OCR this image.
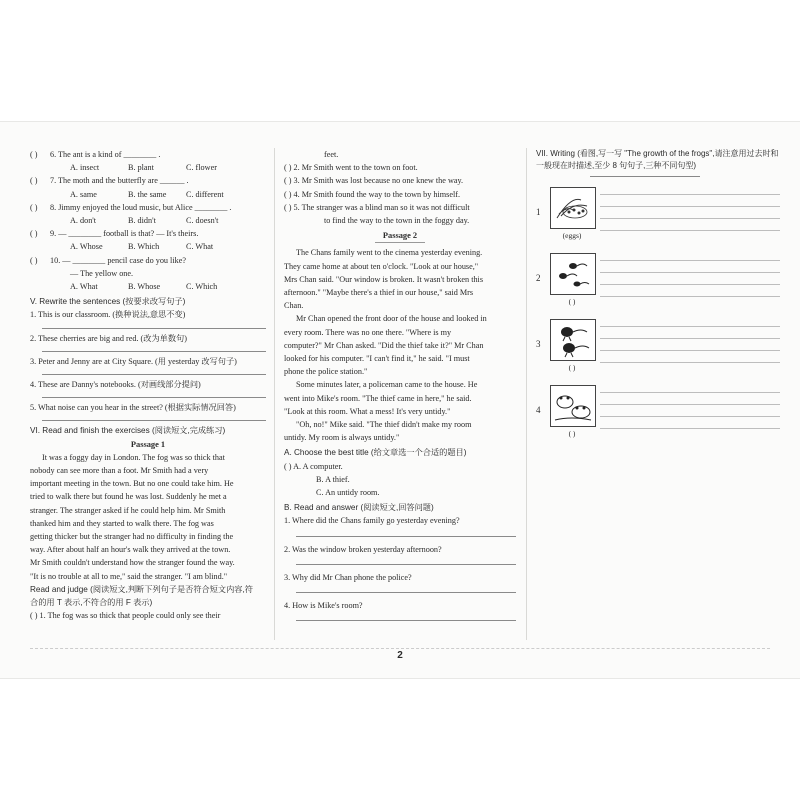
( ) 6. The ant is a kind of ________ .
A. insect	B. plant	C. flower
( ) 7. The moth and the butterfly are ______ .
A. same	B. the same	C. different
( ) 8. Jimmy enjoyed the loud music, but Alice ________ .
A. don't	B. didn't	C. doesn't
( ) 9. — ________ football is that? — It's theirs.
A. Whose	B. Which	C. What
( ) 10. — ________ pencil case do you like?
— The yellow one.
A. What	B. Whose	C. Which
V. Rewrite the sentences (按要求改写句子)
1. This is our classroom. (换种说法,意思不变)
2. These cherries are big and red. (改为单数句)
3. Peter and Jenny are at City Square. (用 yesterday 改写句子)
4. These are Danny's notebooks. (对画线部分提问)
5. What noise can you hear in the street? (根据实际情况回答)
VI. Read and finish the exercises (阅读短文,完成练习)
Passage 1
It was a foggy day in London. The fog was so thick that
nobody can see more than a foot. Mr Smith had a very
important meeting in the town. But no one could take him. He
tried to walk there but found he was lost. Suddenly he met a
stranger. The stranger asked if he could help him. Mr Smith
thanked him and they started to walk there. The fog was
getting thicker but the stranger had no difficulty in finding the
way. After about half an hour's walk they arrived at the town.
Mr Smith couldn't understand how the stranger found the way.
"It is no trouble at all to me," said the stranger. "I am blind."
Read and judge (阅读短文,判断下列句子是否符合短文内容,符
合的用 T 表示,不符合的用 F 表示)
( ) 1. The fog was so thick that people could only see their
feet.
( ) 2. Mr Smith went to the town on foot.
( ) 3. Mr Smith was lost because no one knew the way.
( ) 4. Mr Smith found the way to the town by himself.
( ) 5. The stranger was a blind man so it was not difficult
to find the way to the town in the foggy day.
Passage 2
The Chans family went to the cinema yesterday evening.
They came home at about ten o'clock. "Look at our house,"
Mrs Chan said. "Our window is broken. It wasn't broken this
afternoon." "Maybe there's a thief in our house," said Mrs
Chan.
Mr Chan opened the front door of the house and looked in
every room. There was no one there. "Where is my
computer?" Mr Chan asked. "Did the thief take it?" Mr Chan
looked for his computer. "I can't find it," he said. "I must
phone the police station."
Some minutes later, a policeman came to the house. He
went into Mike's room. "The thief came in here," he said.
"Look at this room. What a mess! It's very untidy."
"Oh, no!" Mike said. "The thief didn't make my room
untidy. My room is always untidy."
A. Choose the best title (给文章选一个合适的题目)
( ) A. A computer.
B. A thief.
C. An untidy room.
B. Read and answer (阅读短文,回答问题)
1. Where did the Chans family go yesterday evening?
2. Was the window broken yesterday afternoon?
3. Why did Mr Chan phone the police?
4. How is Mike's room?
VII. Writing (看图,写一写 "The growth of the frogs",请注意用过去时和一般现在时描述,至少 8 句句子,三种不同句型)
1
(eggs)
2
( )
3
( )
4
( )
2
